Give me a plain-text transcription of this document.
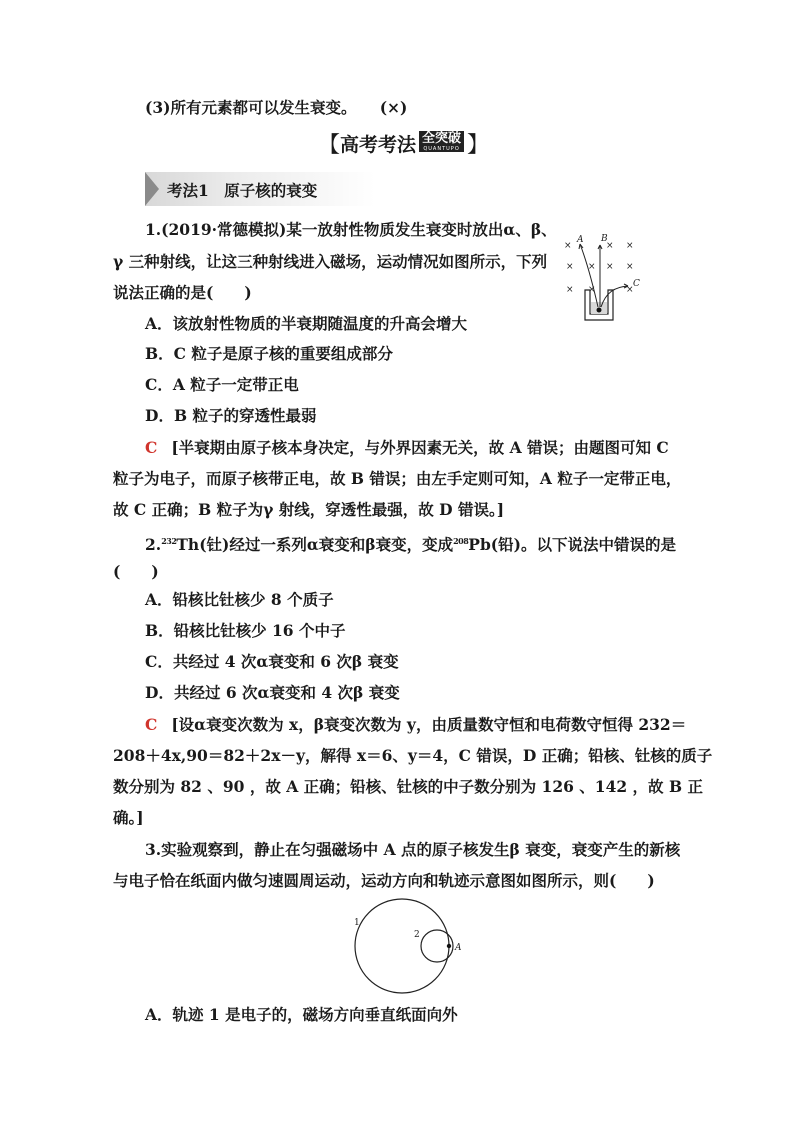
(3)所有元素都可以发生衰变。　　(×)
【 高考考法 全突破
QUANTUPO 】
考法1　原子核的衰变
1.(2019·常德模拟)某一放射性物质发生衰变时放出α、β、
γ 三种射线，让这三种射线进入磁场，运动情况如图所示，下列
说法正确的是(　　)
A．该放射性物质的半衰期随温度的升高会增大
B．C 粒子是原子核的重要组成部分
C．A 粒子一定带正电
D．B 粒子的穿透性最弱
C [半衰期由原子核本身决定，与外界因素无关，故 A 错误；由题图可知 C
粒子为电子，而原子核带正电，故 B 错误；由左手定则可知，A 粒子一定带正电，
故 C 正确；B 粒子为γ 射线，穿透性最强，故 D 错误。]
×	× ×
× × × ×
× ×	×
A B
C
2.$^{232}$Th(钍)经过一系列α衰变和β衰变，变成$^{208}$Pb(铅)。以下说法中错误的是
(　　)
A．铅核比钍核少 8 个质子
B．铅核比钍核少 16 个中子
C．共经过 4 次α衰变和 6 次β 衰变
D．共经过 6 次α衰变和 4 次β 衰变
C [设α衰变次数为 x，β衰变次数为 y，由质量数守恒和电荷数守恒得 232＝
208＋4x,90＝82＋2x－y，解得 x＝6、y＝4，C 错误，D 正确；铅核、钍核的质子
数分别为 82 、90 ，故 A 正确；铅核、钍核的中子数分别为 126 、142 ，故 B 正
确。]
3.实验观察到，静止在匀强磁场中 A 点的原子核发生β 衰变，衰变产生的新核
与电子恰在纸面内做匀速圆周运动，运动方向和轨迹示意图如图所示，则(　　)
1
2
A
A．轨迹 1 是电子的，磁场方向垂直纸面向外
